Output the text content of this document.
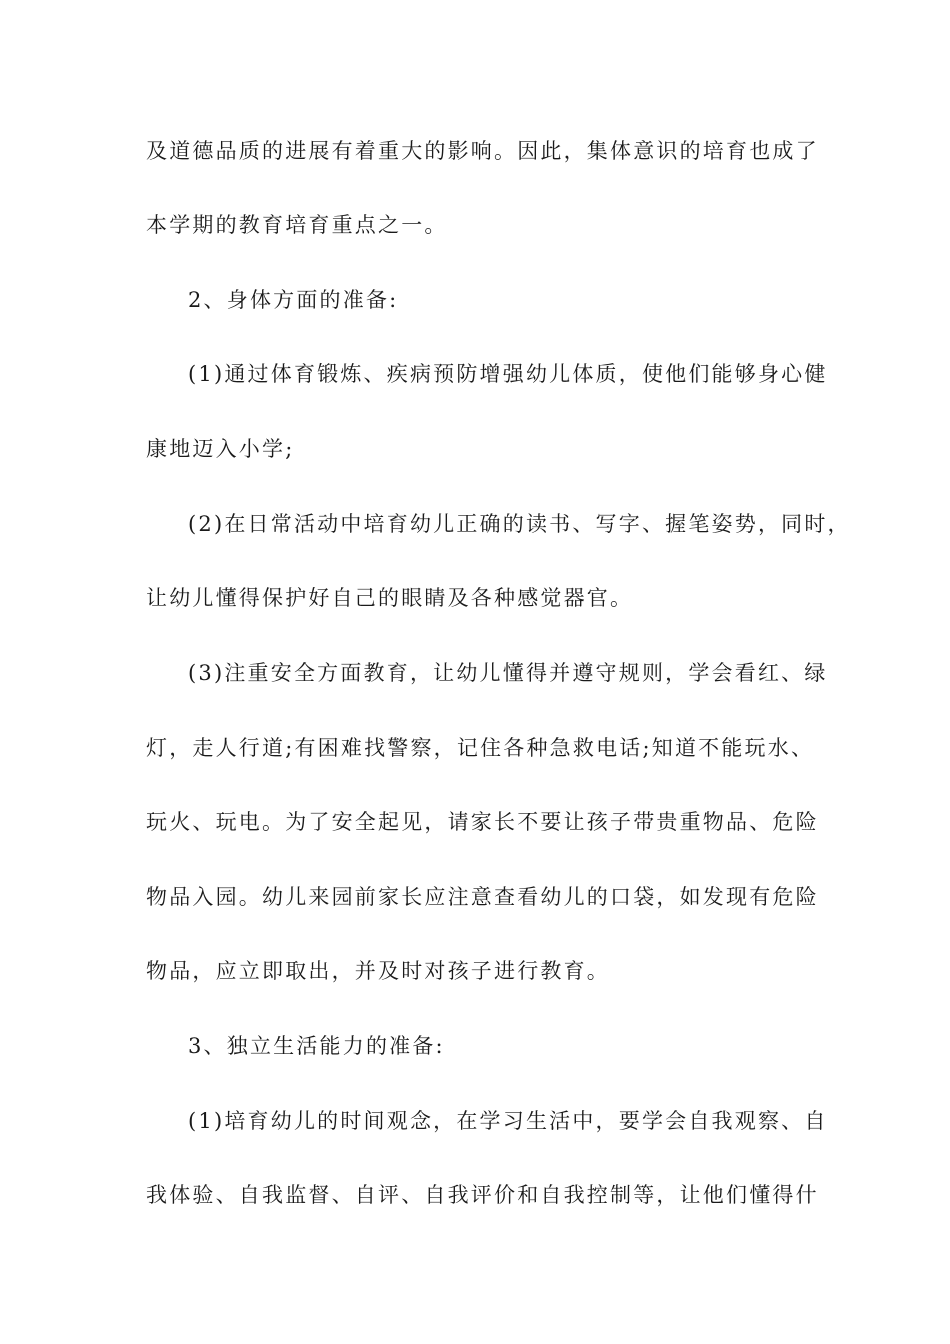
及道德品质的进展有着重大的影响。因此，集体意识的培育也成了
本学期的教育培育重点之一。
2、身体方面的准备:
(1)通过体育锻炼、疾病预防增强幼儿体质，使他们能够身心健
康地迈入小学;
(2)在日常活动中培育幼儿正确的读书、写字、握笔姿势，同时，
让幼儿懂得保护好自己的眼睛及各种感觉器官。
(3)注重安全方面教育，让幼儿懂得并遵守规则，学会看红、绿
灯，走人行道;有困难找警察，记住各种急救电话;知道不能玩水、
玩火、玩电。为了安全起见，请家长不要让孩子带贵重物品、危险
物品入园。幼儿来园前家长应注意查看幼儿的口袋，如发现有危险
物品，应立即取出，并及时对孩子进行教育。
3、独立生活能力的准备:
(1)培育幼儿的时间观念，在学习生活中，要学会自我观察、自
我体验、自我监督、自评、自我评价和自我控制等，让他们懂得什
